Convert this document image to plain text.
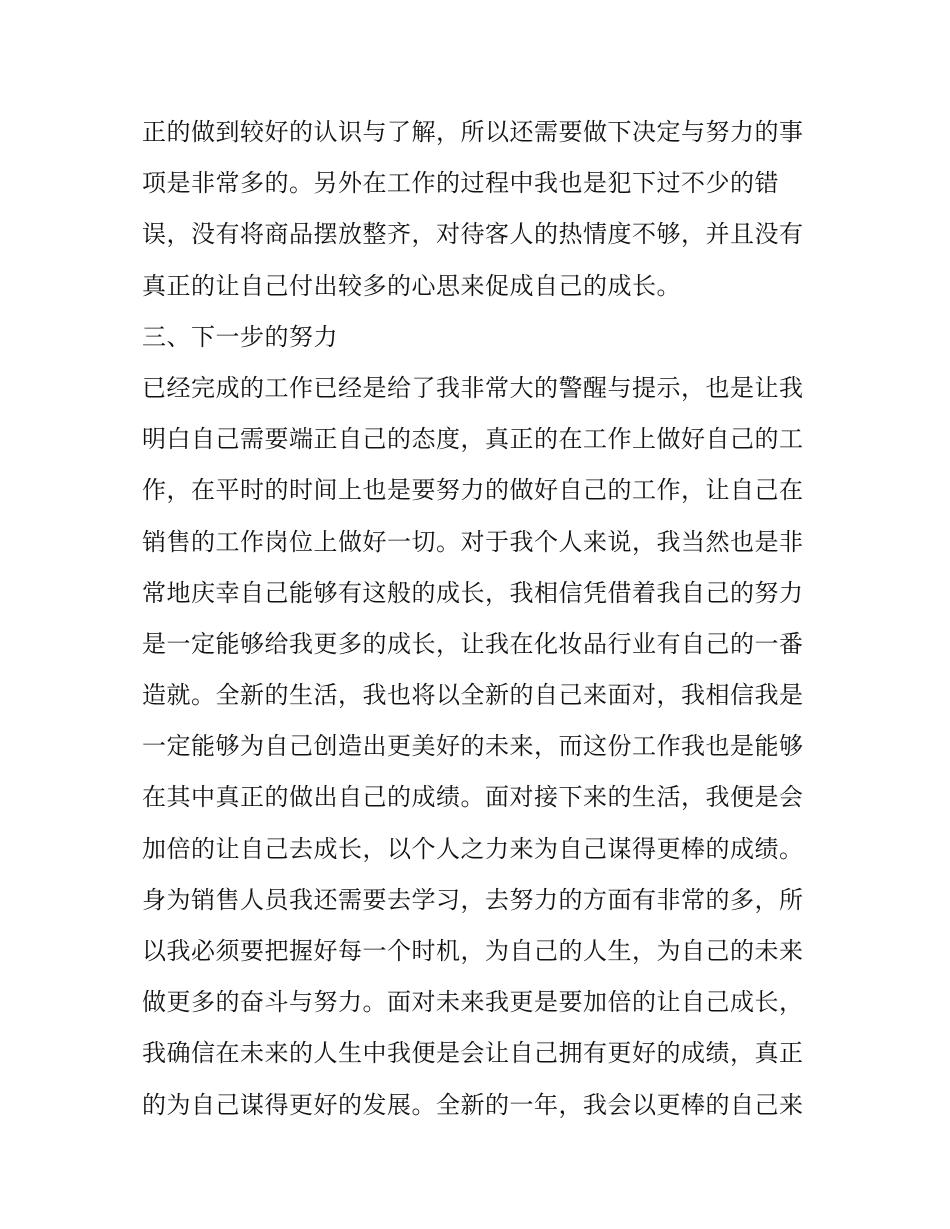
正的做到较好的认识与了解，所以还需要做下决定与努力的事
项是非常多的。另外在工作的过程中我也是犯下过不少的错
误，没有将商品摆放整齐，对待客人的热情度不够，并且没有
真正的让自己付出较多的心思来促成自己的成长。
三、下一步的努力
已经完成的工作已经是给了我非常大的警醒与提示，也是让我
明白自己需要端正自己的态度，真正的在工作上做好自己的工
作，在平时的时间上也是要努力的做好自己的工作，让自己在
销售的工作岗位上做好一切。对于我个人来说，我当然也是非
常地庆幸自己能够有这般的成长，我相信凭借着我自己的努力
是一定能够给我更多的成长，让我在化妆品行业有自己的一番
造就。全新的生活，我也将以全新的自己来面对，我相信我是
一定能够为自己创造出更美好的未来，而这份工作我也是能够
在其中真正的做出自己的成绩。面对接下来的生活，我便是会
加倍的让自己去成长，以个人之力来为自己谋得更棒的成绩。
身为销售人员我还需要去学习，去努力的方面有非常的多，所
以我必须要把握好每一个时机，为自己的人生，为自己的未来
做更多的奋斗与努力。面对未来我更是要加倍的让自己成长，
我确信在未来的人生中我便是会让自己拥有更好的成绩，真正
的为自己谋得更好的发展。全新的一年，我会以更棒的自己来
